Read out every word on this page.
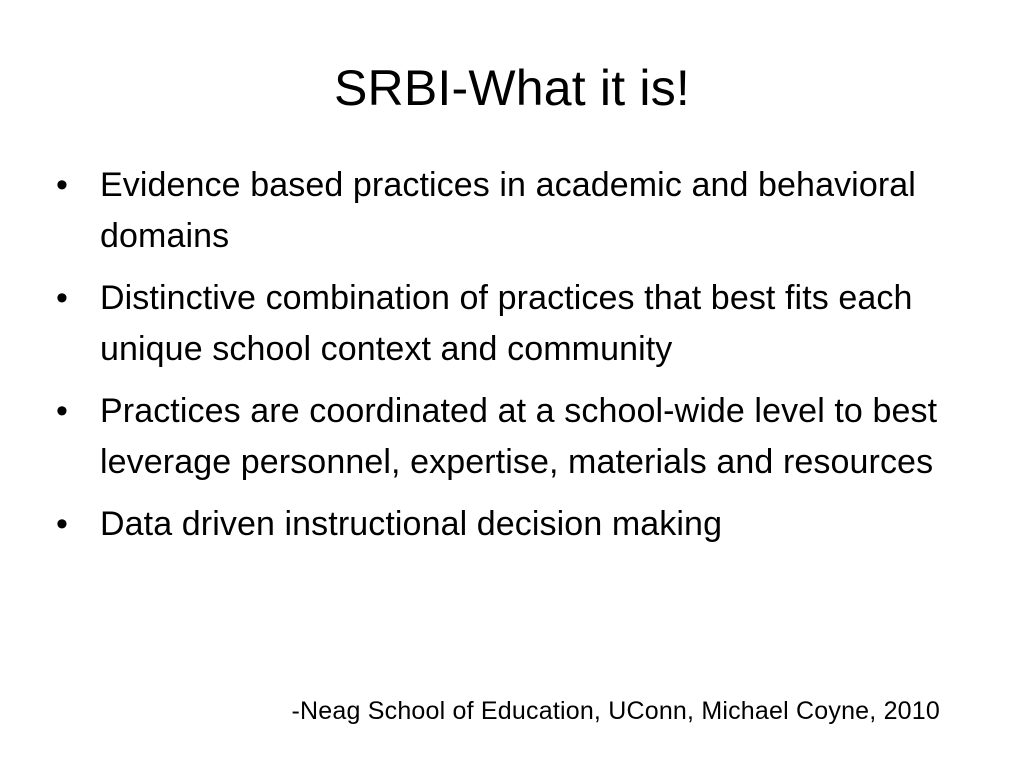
SRBI-What it is!
• Evidence based practices in academic and behavioral domains
• Distinctive combination of practices that best fits each unique school context and community
• Practices are coordinated at a school-wide level to best leverage personnel, expertise, materials and resources
• Data driven instructional decision making
-Neag School of Education, UConn, Michael Coyne, 2010
